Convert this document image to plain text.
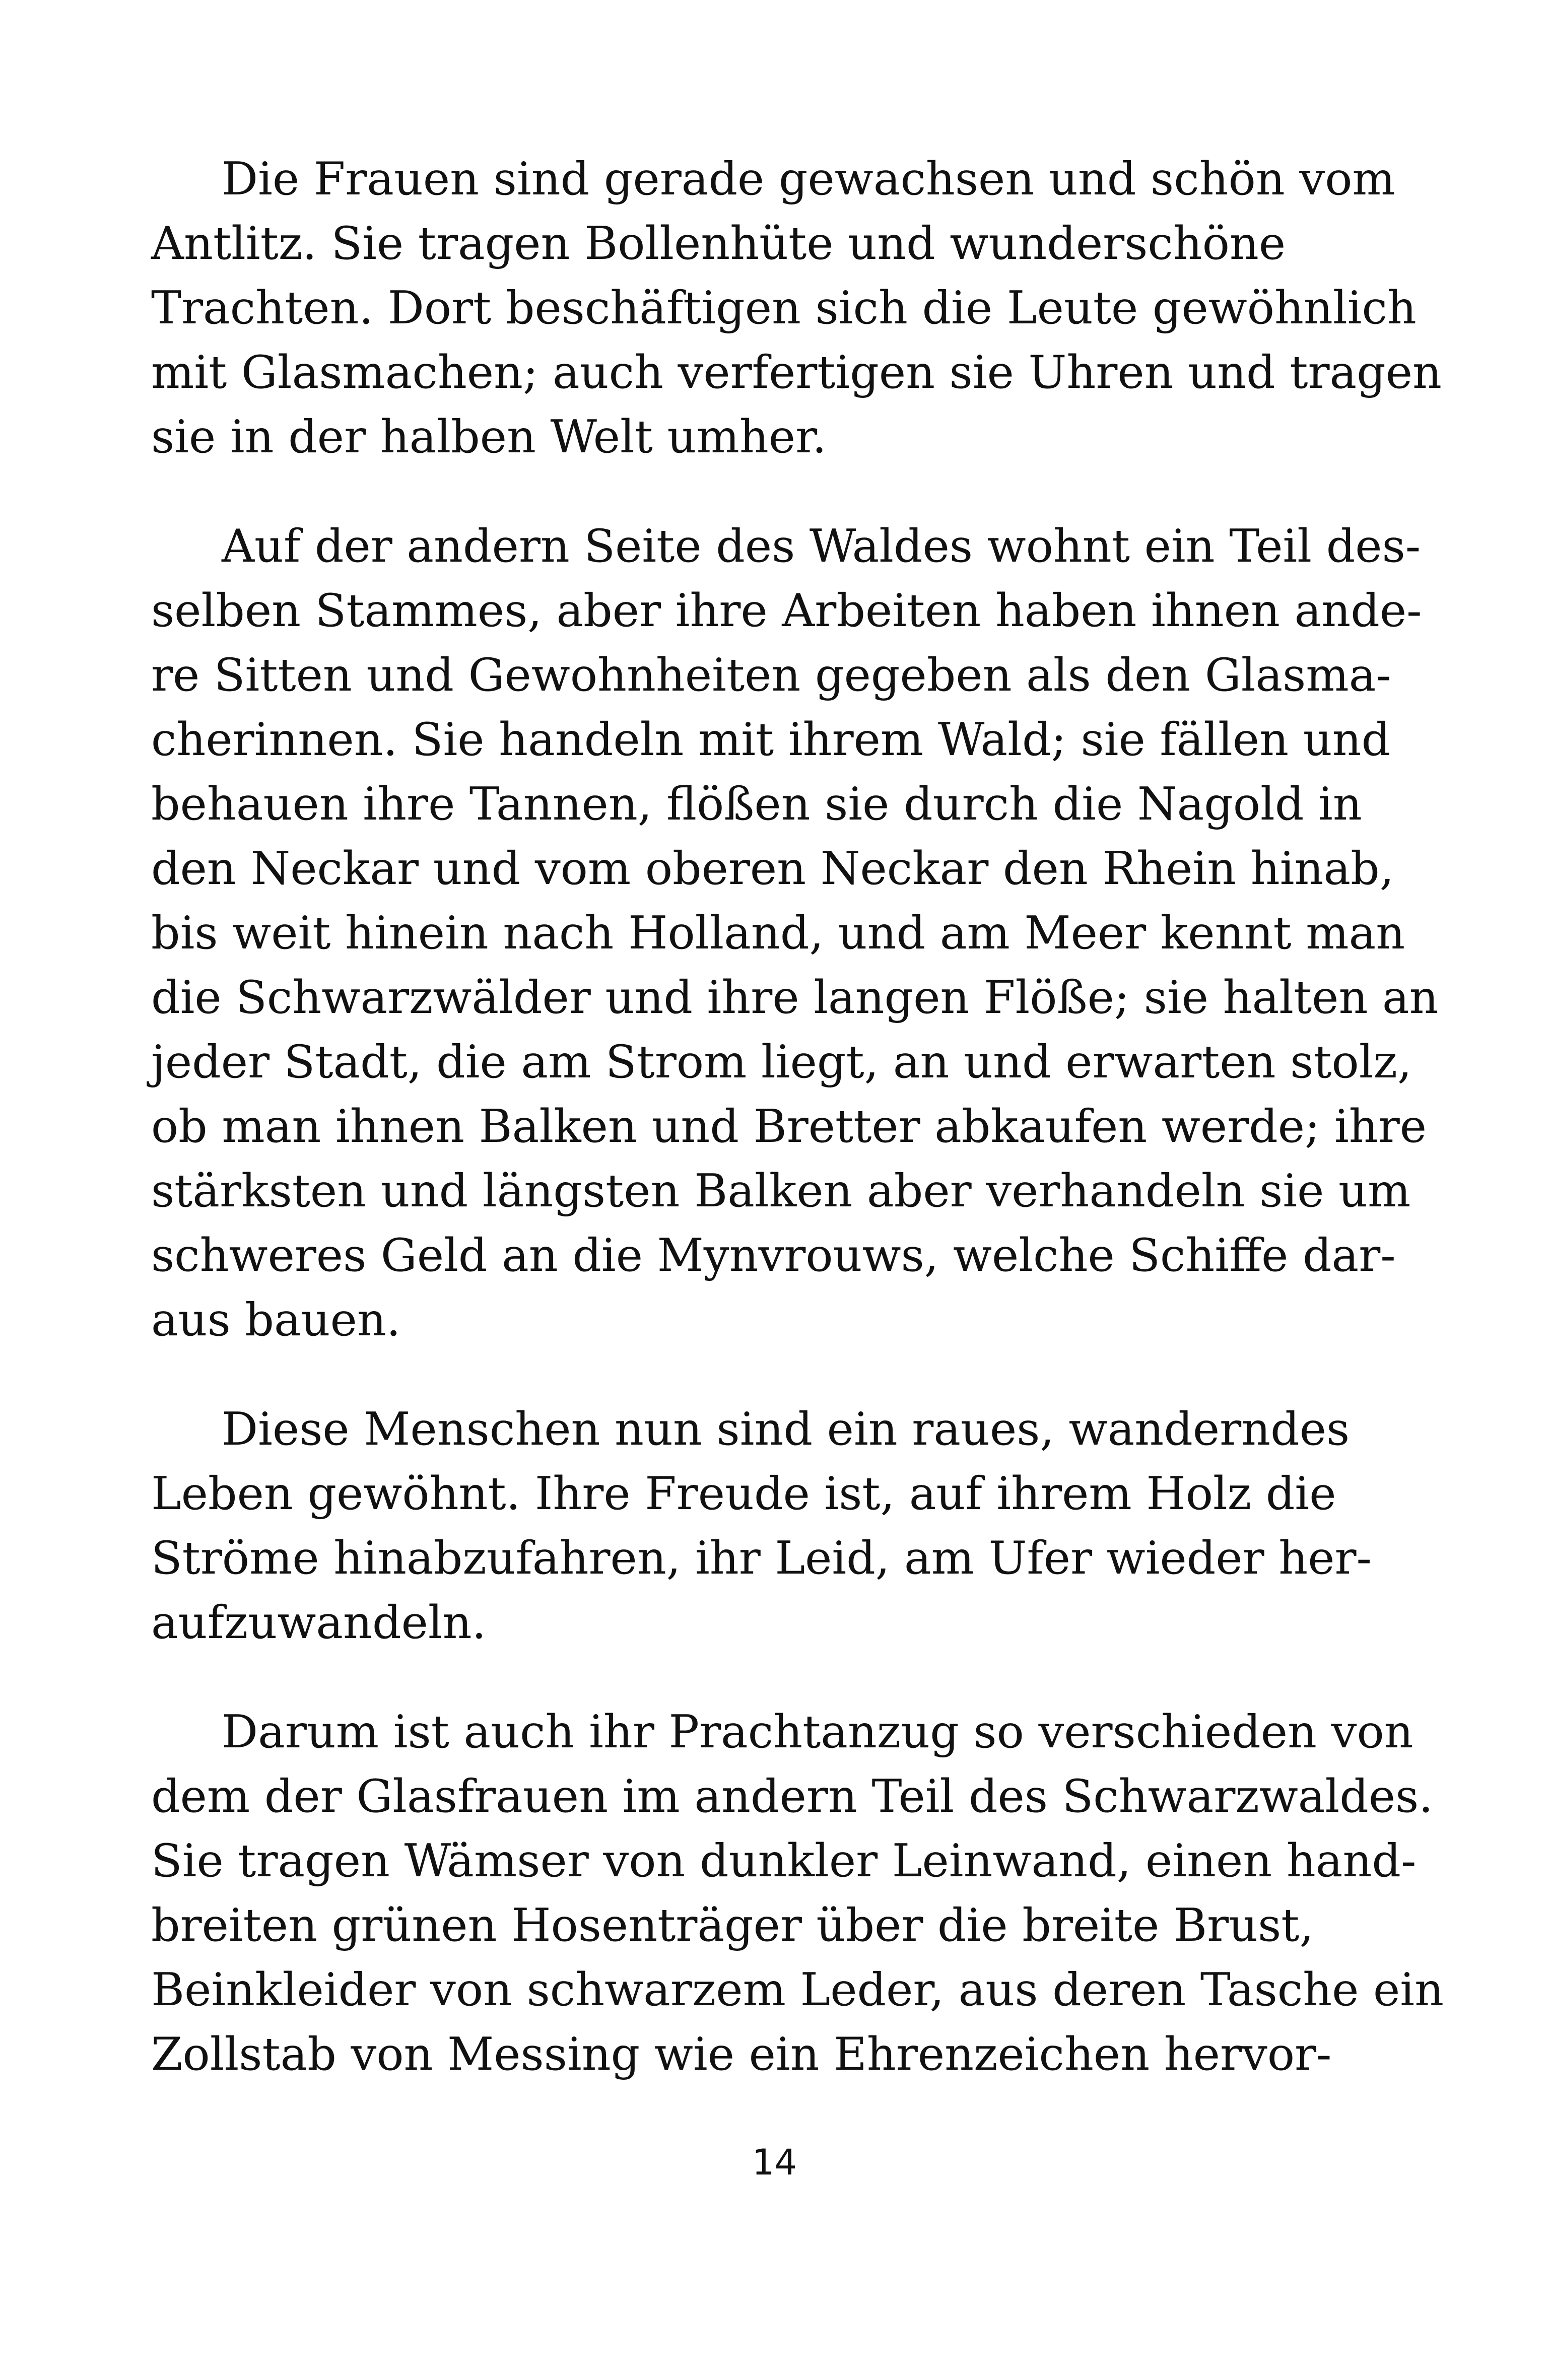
Die Frauen sind gerade gewachsen und schön vom
Antlitz. Sie tragen Bollenhüte und wunderschöne
Trachten. Dort beschäftigen sich die Leute gewöhnlich
mit Glasmachen; auch verfertigen sie Uhren und tragen
sie in der halben Welt umher.

Auf der andern Seite des Waldes wohnt ein Teil des-
selben Stammes, aber ihre Arbeiten haben ihnen ande-
re Sitten und Gewohnheiten gegeben als den Glasma-
cherinnen. Sie handeln mit ihrem Wald; sie fällen und
behauen ihre Tannen, flößen sie durch die Nagold in
den Neckar und vom oberen Neckar den Rhein hinab,
bis weit hinein nach Holland, und am Meer kennt man
die Schwarzwälder und ihre langen Flöße; sie halten an
jeder Stadt, die am Strom liegt, an und erwarten stolz,
ob man ihnen Balken und Bretter abkaufen werde; ihre
stärksten und längsten Balken aber verhandeln sie um
schweres Geld an die Mynvrouws, welche Schiffe dar-
aus bauen.

Diese Menschen nun sind ein raues, wanderndes
Leben gewöhnt. Ihre Freude ist, auf ihrem Holz die
Ströme hinabzufahren, ihr Leid, am Ufer wieder her-
aufzuwandeln.

Darum ist auch ihr Prachtanzug so verschieden von
dem der Glasfrauen im andern Teil des Schwarzwaldes.
Sie tragen Wämser von dunkler Leinwand, einen hand-
breiten grünen Hosenträger über die breite Brust,
Beinkleider von schwarzem Leder, aus deren Tasche ein
Zollstab von Messing wie ein Ehrenzeichen hervor-

14
